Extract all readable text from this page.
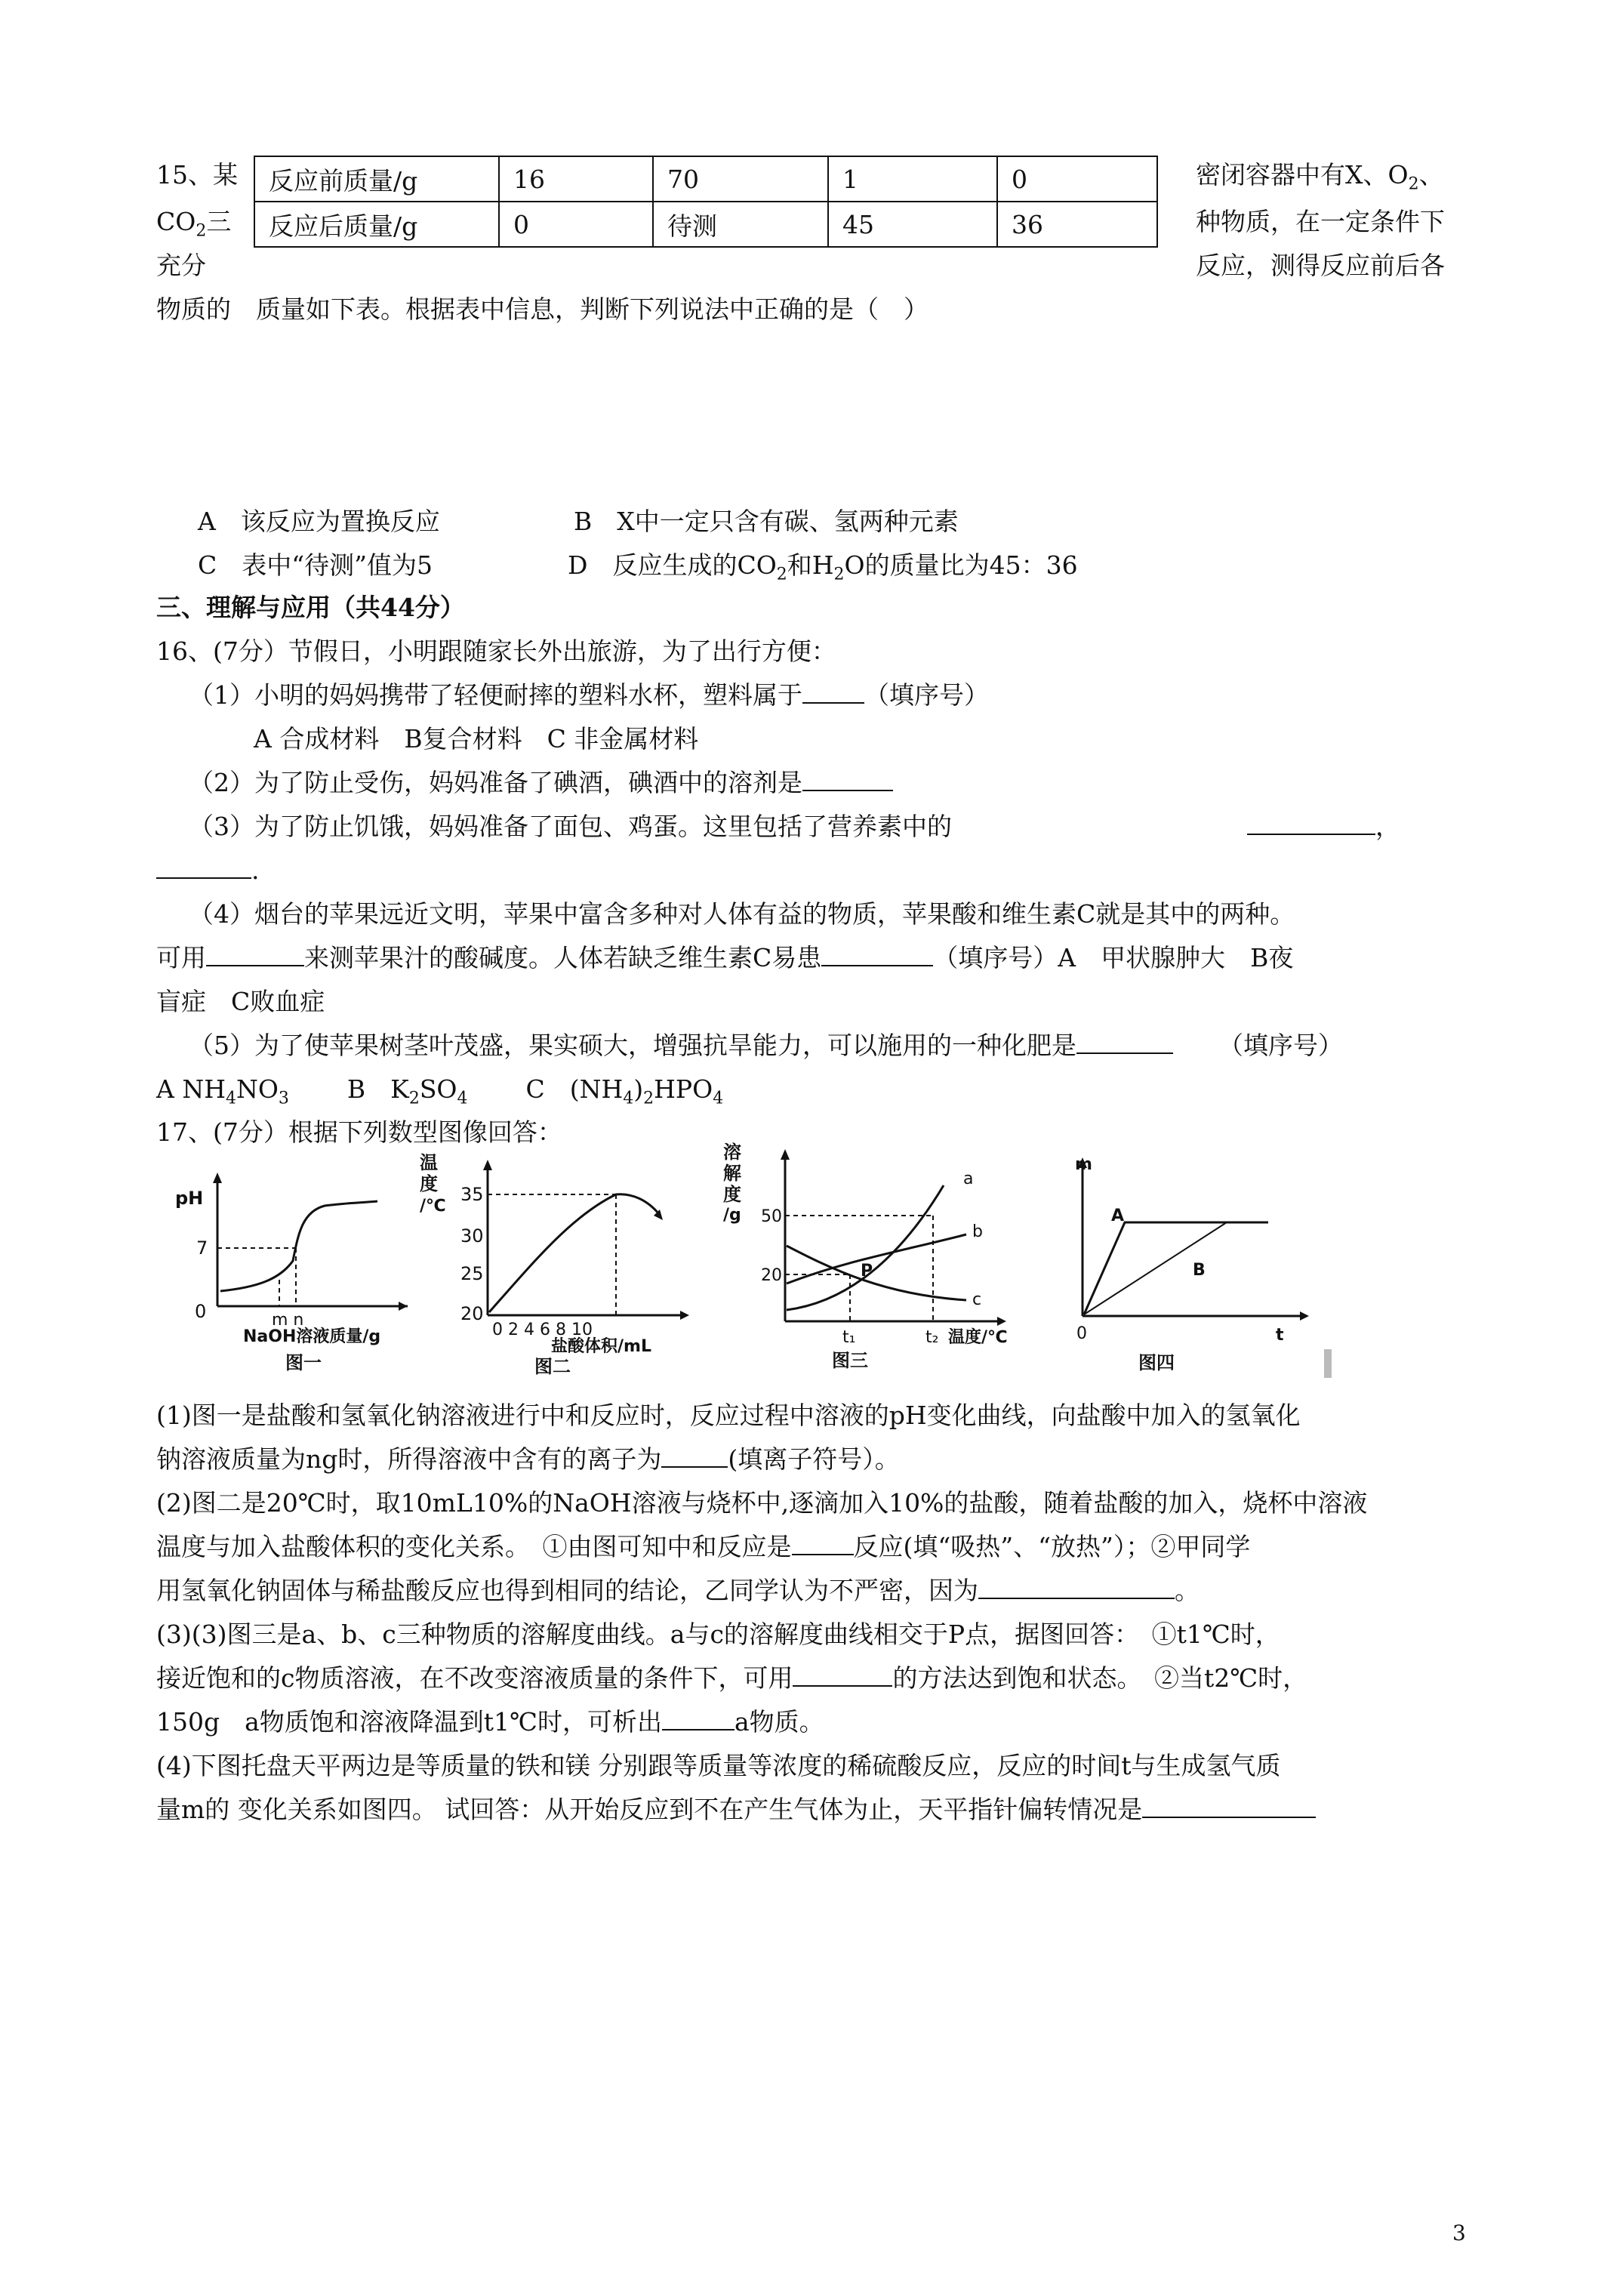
15、某
$CO_2$三
充分
反应前质量/g	16	70	1	0
反应后质量/g	0	待测	45	36
密闭容器中有X、$O_2$、
种物质，在一定条件下
反应，测得反应前后各
物质的　质量如下表。根据表中信息，判断下列说法中正确的是（　）
A　该反应为置换反应	B　X中一定只含有碳、氢两种元素
C　表中“待测”值为5	D　反应生成的$CO_2$和$H_2O$的质量比为45：36
三、理解与应用（共44分）
16、(7分）节假日，小明跟随家长外出旅游，为了出行方便：
（1）小明的妈妈携带了轻便耐摔的塑料水杯，塑料属于 （填序号）
A 合成材料　B复合材料　C 非金属材料
（2）为了防止受伤，妈妈准备了碘酒，碘酒中的溶剂是
（3）为了防止饥饿，妈妈准备了面包、鸡蛋。这里包括了营养素中的	，
.
（4）烟台的苹果远近文明，苹果中富含多种对人体有益的物质，苹果酸和维生素C就是其中的两种。
可用	来测苹果汁的酸碱度。人体若缺乏维生素C易患	（填序号）A　甲状腺肿大　B夜
盲症　C败血症
（5）为了使苹果树茎叶茂盛，果实硕大，增强抗旱能力，可以施用的一种化肥是	（填序号）
A $NH_4NO_3$ B　$K_2SO_4$ C　$(NH_4)_2HPO_4$
17、(7分）根据下列数型图像回答：
pH
7
0	m n
NaOH溶液质量/g
图一
温
度
/℃
35
30
25
20
0 2 4 6 8 10
盐酸体积/mL
图二
溶
解
度
/g 50
20
a
b
c
P
t₁	t₂ 温度/℃
图三
m
A
B
0	t
图四
(1)图一是盐酸和氢氧化钠溶液进行中和反应时，反应过程中溶液的pH变化曲线，向盐酸中加入的氢氧化
钠溶液质量为ng时，所得溶液中含有的离子为	(填离子符号）。
(2)图二是20℃时，取10mL10%的NaOH溶液与烧杯中,逐滴加入10%的盐酸，随着盐酸的加入，烧杯中溶液
温度与加入盐酸体积的变化关系。　①由图可知中和反应是 反应(填“吸热”、“放热”）；②甲同学
用氢氧化钠固体与稀盐酸反应也得到相同的结论，乙同学认为不严密，因为	。
(3)(3)图三是a、b、c三种物质的溶解度曲线。a与c的溶解度曲线相交于P点，据图回答：　①t1℃时，
接近饱和的c物质溶液，在不改变溶液质量的条件下，可用	的方法达到饱和状态。　②当t2℃时，
150g　a物质饱和溶液降温到t1℃时，可析出	a物质。
(4)下图托盘天平两边是等质量的铁和镁 分别跟等质量等浓度的稀硫酸反应，反应的时间t与生成氢气质
量m的 变化关系如图四。 试回答：从开始反应到不在产生气体为止，天平指针偏转情况是
3
